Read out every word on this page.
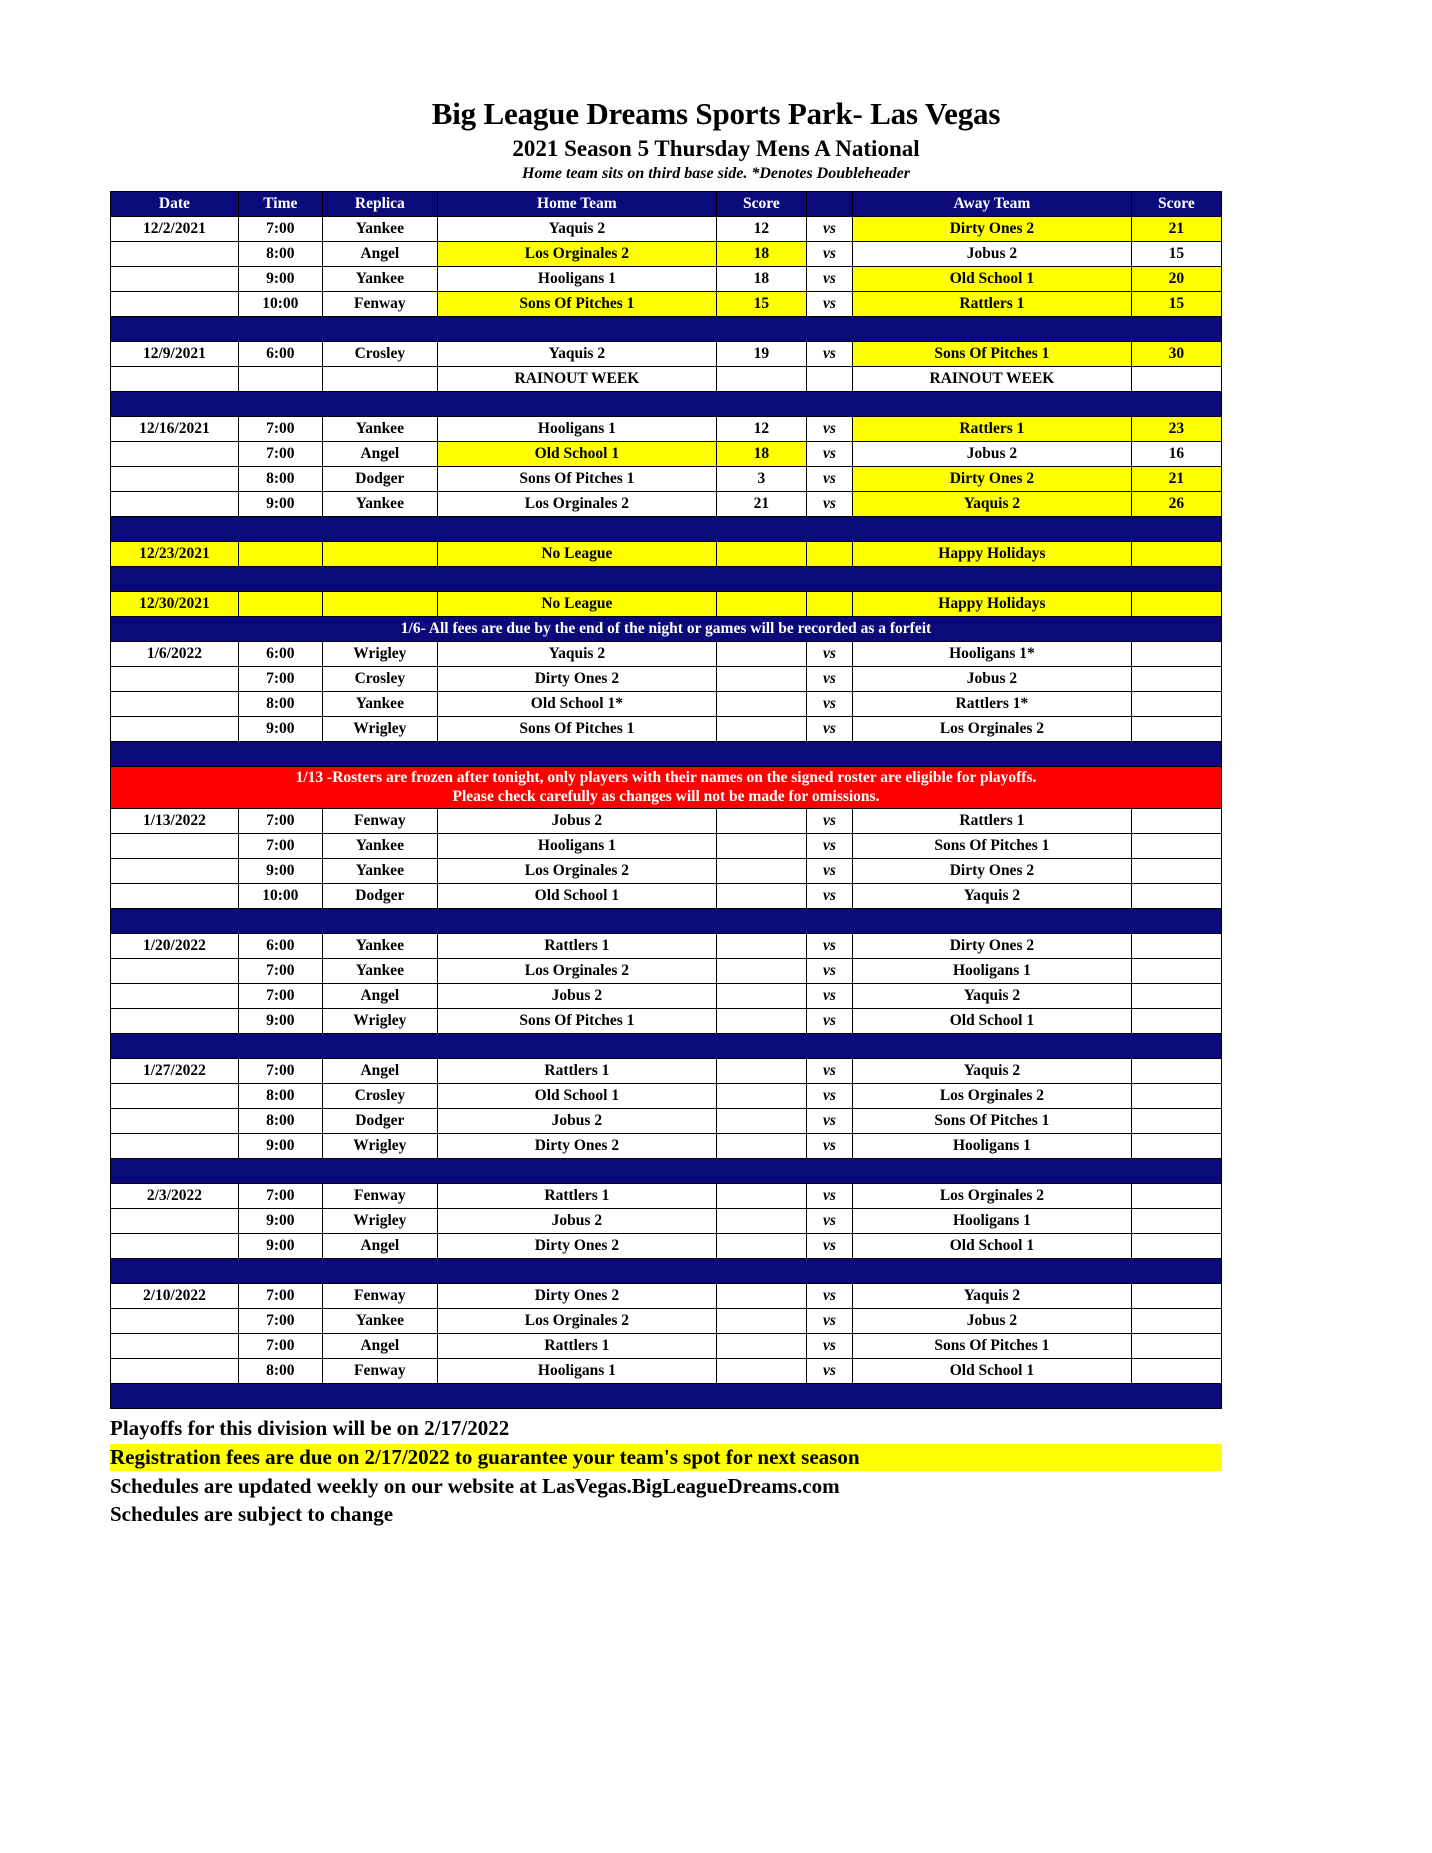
Big League Dreams Sports Park- Las Vegas
2021 Season 5 Thursday Mens A National
Home team sits on third base side. *Denotes Doubleheader
Date	Time	Replica	Home Team	Score		Away Team	Score
12/2/2021	7:00	Yankee	Yaquis 2	12	vs	Dirty Ones 2	21
	8:00	Angel	Los Orginales 2	18	vs	Jobus 2	15
	9:00	Yankee	Hooligans 1	18	vs	Old School 1	20
	10:00	Fenway	Sons Of Pitches 1	15	vs	Rattlers 1	15

12/9/2021	6:00	Crosley	Yaquis 2	19	vs	Sons Of Pitches 1	30
			RAINOUT WEEK			RAINOUT WEEK	

12/16/2021	7:00	Yankee	Hooligans 1	12	vs	Rattlers 1	23
	7:00	Angel	Old School 1	18	vs	Jobus 2	16
	8:00	Dodger	Sons Of Pitches 1	3	vs	Dirty Ones 2	21
	9:00	Yankee	Los Orginales 2	21	vs	Yaquis 2	26

12/23/2021			No League			Happy Holidays	

12/30/2021			No League			Happy Holidays	
1/6- All fees are due by the end of the night or games will be recorded as a forfeit							
1/6/2022	6:00	Wrigley	Yaquis 2		vs	Hooligans 1*	
	7:00	Crosley	Dirty Ones 2		vs	Jobus 2	
	8:00	Yankee	Old School 1*		vs	Rattlers 1*	
	9:00	Wrigley	Sons Of Pitches 1		vs	Los Orginales 2	

1/13 -Rosters are frozen after tonight, only players with their names on the signed roster are eligible for playoffs.
Please check carefully as changes will not be made for omissions.							

1/13/2022	7:00	Fenway	Jobus 2		vs	Rattlers 1	
	7:00	Yankee	Hooligans 1		vs	Sons Of Pitches 1	
	9:00	Yankee	Los Orginales 2		vs	Dirty Ones 2	
	10:00	Dodger	Old School 1		vs	Yaquis 2	

1/20/2022	6:00	Yankee	Rattlers 1		vs	Dirty Ones 2	
	7:00	Yankee	Los Orginales 2		vs	Hooligans 1	
	7:00	Angel	Jobus 2		vs	Yaquis 2	
	9:00	Wrigley	Sons Of Pitches 1		vs	Old School 1	

1/27/2022	7:00	Angel	Rattlers 1		vs	Yaquis 2	
	8:00	Crosley	Old School 1		vs	Los Orginales 2	
	8:00	Dodger	Jobus 2		vs	Sons Of Pitches 1	
	9:00	Wrigley	Dirty Ones 2		vs	Hooligans 1	

2/3/2022	7:00	Fenway	Rattlers 1		vs	Los Orginales 2	
	9:00	Wrigley	Jobus 2		vs	Hooligans 1	
	9:00	Angel	Dirty Ones 2		vs	Old School 1	

2/10/2022	7:00	Fenway	Dirty Ones 2		vs	Yaquis 2	
	7:00	Yankee	Los Orginales 2		vs	Jobus 2	
	7:00	Angel	Rattlers 1		vs	Sons Of Pitches 1	
	8:00	Fenway	Hooligans 1		vs	Old School 1	

Playoffs for this division will be on 2/17/2022

Registration fees are due on 2/17/2022 to guarantee your team's spot for next season

Schedules are updated weekly on our website at LasVegas.BigLeagueDreams.com

Schedules are subject to change
